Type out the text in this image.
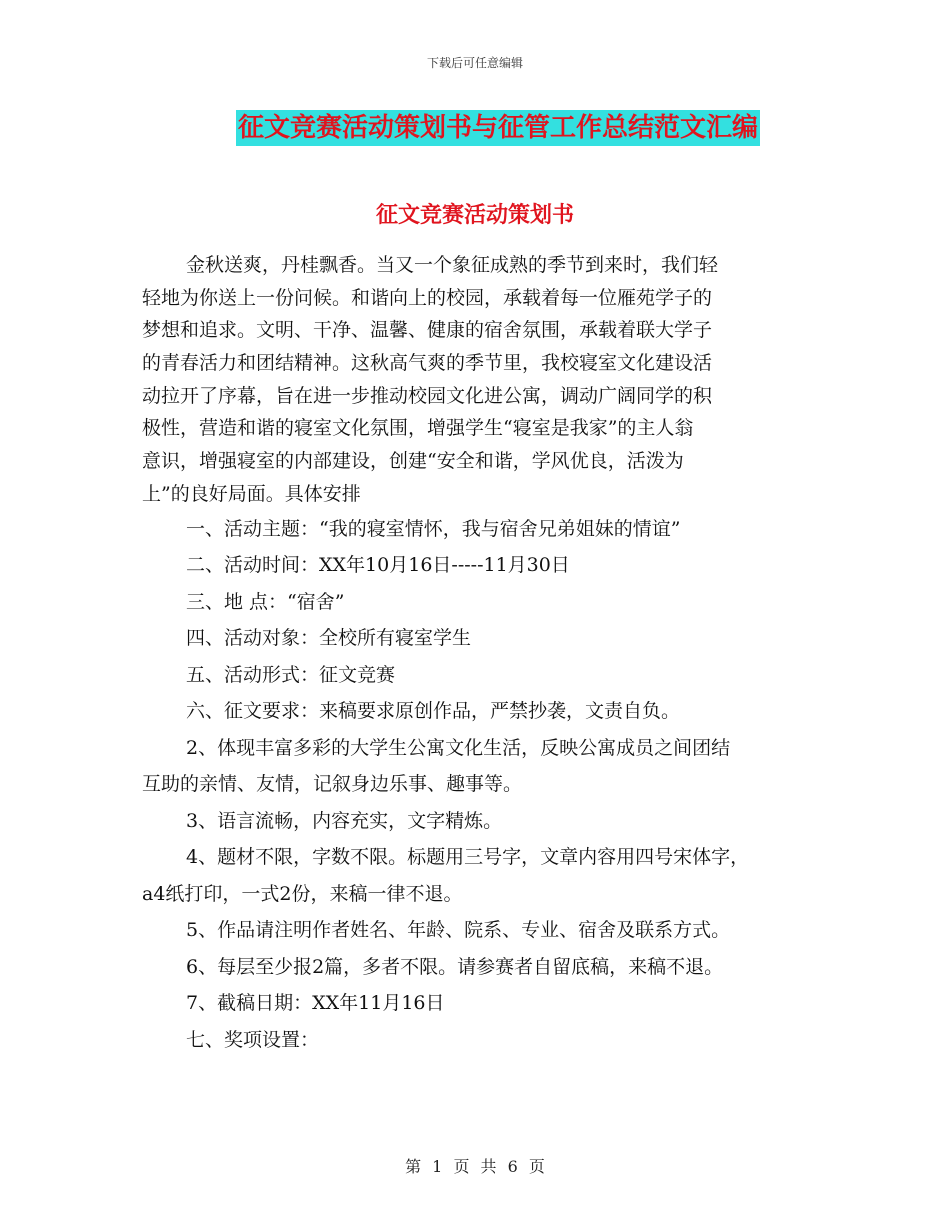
下载后可任意编辑
征文竞赛活动策划书与征管工作总结范文汇编
征文竞赛活动策划书

金秋送爽，丹桂飘香。当又一个象征成熟的季节到来时，我们轻

轻地为你送上一份问候。和谐向上的校园，承载着每一位雁苑学子的

梦想和追求。文明、干净、温馨、健康的宿舍氛围，承载着联大学子

的青春活力和团结精神。这秋高气爽的季节里，我校寝室文化建设活

动拉开了序幕，旨在进一步推动校园文化进公寓，调动广阔同学的积

极性，营造和谐的寝室文化氛围，增强学生“寝室是我家”的主人翁

意识，增强寝室的内部建设，创建“安全和谐，学风优良，活泼为

上”的良好局面。具体安排

一、活动主题：“我的寝室情怀，我与宿舍兄弟姐妹的情谊”

二、活动时间：XX年10月16日-----11月30日

三、地 点：“宿舍”

四、活动对象：全校所有寝室学生

五、活动形式：征文竞赛

六、征文要求：来稿要求原创作品，严禁抄袭，文责自负。

2、体现丰富多彩的大学生公寓文化生活，反映公寓成员之间团结

互助的亲情、友情，记叙身边乐事、趣事等。

3、语言流畅，内容充实，文字精炼。

4、题材不限，字数不限。标题用三号字，文章内容用四号宋体字，

a4纸打印，一式2份，来稿一律不退。

5、作品请注明作者姓名、年龄、院系、专业、宿舍及联系方式。

6、每层至少报2篇，多者不限。请参赛者自留底稿，来稿不退。

7、截稿日期：XX年11月16日

七、奖项设置：

第 1 页 共 6 页
